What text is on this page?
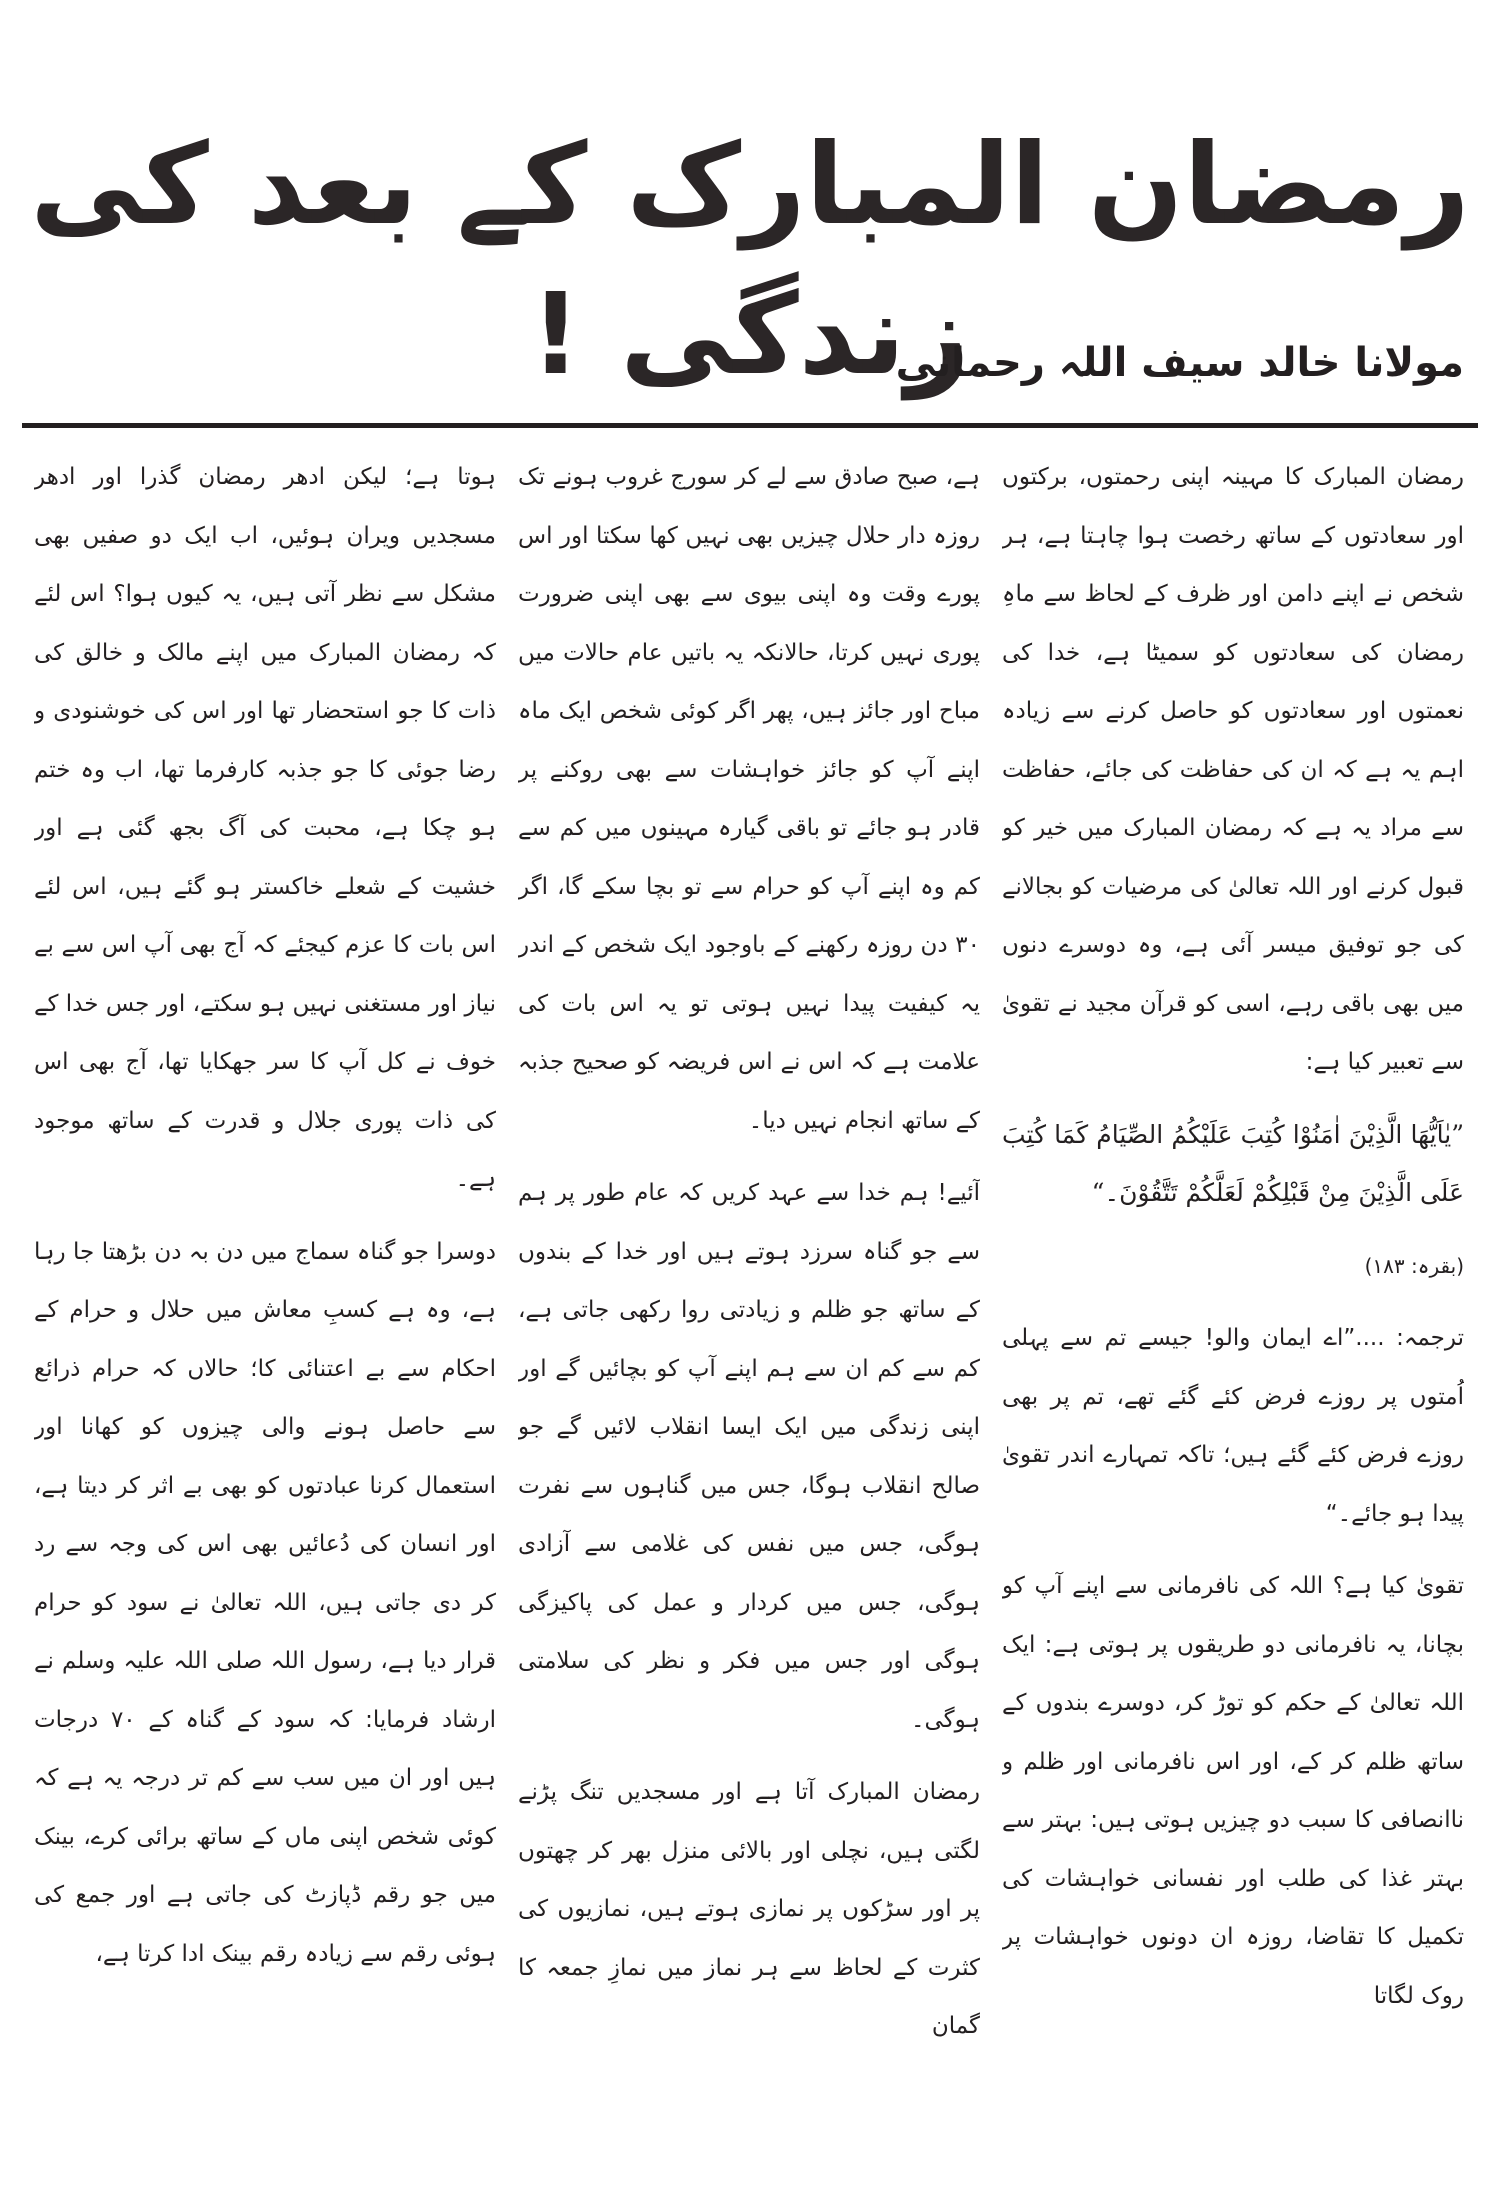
رمضان المبارک کے بعد کی زندگی !
مولانا خالد سیف اللہ رحمانی

رمضان المبارک کا مہینہ اپنی رحمتوں، برکتوں اور سعادتوں کے ساتھ رخصت ہوا چاہتا ہے، ہر شخص نے اپنے دامن اور ظرف کے لحاظ سے ماہِ رمضان کی سعادتوں کو سمیٹا ہے، خدا کی نعمتوں اور سعادتوں کو حاصل کرنے سے زیادہ اہم یہ ہے کہ ان کی حفاظت کی جائے، حفاظت سے مراد یہ ہے کہ رمضان المبارک میں خیر کو قبول کرنے اور اللہ تعالیٰ کی مرضیات کو بجالانے کی جو توفیق میسر آئی ہے، وہ دوسرے دنوں میں بھی باقی رہے، اسی کو قرآن مجید نے تقویٰ سے تعبیر کیا ہے:

”یٰاَیُّھَا الَّذِیْنَ اٰمَنُوْا کُتِبَ عَلَیْکُمُ الصِّیَامُ کَمَا کُتِبَ عَلَی الَّذِیْنَ مِنْ قَبْلِکُمْ لَعَلَّکُمْ تَتَّقُوْنَ۔“

(بقرہ: ۱۸۳)

ترجمہ: ....”اے ایمان والو! جیسے تم سے پہلی اُمتوں پر روزے فرض کئے گئے تھے، تم پر بھی روزے فرض کئے گئے ہیں؛ تاکہ تمہارے اندر تقویٰ پیدا ہو جائے۔“

تقویٰ کیا ہے؟ اللہ کی نافرمانی سے اپنے آپ کو بچانا، یہ نافرمانی دو طریقوں پر ہوتی ہے: ایک اللہ تعالیٰ کے حکم کو توڑ کر، دوسرے بندوں کے ساتھ ظلم کر کے، اور اس نافرمانی اور ظلم و ناانصافی کا سبب دو چیزیں ہوتی ہیں: بہتر سے بہتر غذا کی طلب اور نفسانی خواہشات کی تکمیل کا تقاضا، روزہ ان دونوں خواہشات پر روک لگاتا

ہے، صبح صادق سے لے کر سورج غروب ہونے تک روزہ دار حلال چیزیں بھی نہیں کھا سکتا اور اس پورے وقت وہ اپنی بیوی سے بھی اپنی ضرورت پوری نہیں کرتا، حالانکہ یہ باتیں عام حالات میں مباح اور جائز ہیں، پھر اگر کوئی شخص ایک ماہ اپنے آپ کو جائز خواہشات سے بھی روکنے پر قادر ہو جائے تو باقی گیارہ مہینوں میں کم سے کم وہ اپنے آپ کو حرام سے تو بچا سکے گا، اگر ۳۰ دن روزہ رکھنے کے باوجود ایک شخص کے اندر یہ کیفیت پیدا نہیں ہوتی تو یہ اس بات کی علامت ہے کہ اس نے اس فریضہ کو صحیح جذبہ کے ساتھ انجام نہیں دیا۔

آئیے! ہم خدا سے عہد کریں کہ عام طور پر ہم سے جو گناہ سرزد ہوتے ہیں اور خدا کے بندوں کے ساتھ جو ظلم و زیادتی روا رکھی جاتی ہے، کم سے کم ان سے ہم اپنے آپ کو بچائیں گے اور اپنی زندگی میں ایک ایسا انقلاب لائیں گے جو صالح انقلاب ہوگا، جس میں گناہوں سے نفرت ہوگی، جس میں نفس کی غلامی سے آزادی ہوگی، جس میں کردار و عمل کی پاکیزگی ہوگی اور جس میں فکر و نظر کی سلامتی ہوگی۔

رمضان المبارک آتا ہے اور مسجدیں تنگ پڑنے لگتی ہیں، نچلی اور بالائی منزل بھر کر چھتوں پر اور سڑکوں پر نمازی ہوتے ہیں، نمازیوں کی کثرت کے لحاظ سے ہر نماز میں نمازِ جمعہ کا گمان

ہوتا ہے؛ لیکن ادھر رمضان گذرا اور ادھر مسجدیں ویران ہوئیں، اب ایک دو صفیں بھی مشکل سے نظر آتی ہیں، یہ کیوں ہوا؟ اس لئے کہ رمضان المبارک میں اپنے مالک و خالق کی ذات کا جو استحضار تھا اور اس کی خوشنودی و رضا جوئی کا جو جذبہ کارفرما تھا، اب وہ ختم ہو چکا ہے، محبت کی آگ بجھ گئی ہے اور خشیت کے شعلے خاکستر ہو گئے ہیں، اس لئے اس بات کا عزم کیجئے کہ آج بھی آپ اس سے بے نیاز اور مستغنی نہیں ہو سکتے، اور جس خدا کے خوف نے کل آپ کا سر جھکایا تھا، آج بھی اس کی ذات پوری جلال و قدرت کے ساتھ موجود ہے۔

دوسرا جو گناہ سماج میں دن بہ دن بڑھتا جا رہا ہے، وہ ہے کسبِ معاش میں حلال و حرام کے احکام سے بے اعتنائی کا؛ حالاں کہ حرام ذرائع سے حاصل ہونے والی چیزوں کو کھانا اور استعمال کرنا عبادتوں کو بھی بے اثر کر دیتا ہے، اور انسان کی دُعائیں بھی اس کی وجہ سے رد کر دی جاتی ہیں، اللہ تعالیٰ نے سود کو حرام قرار دیا ہے، رسول اللہ صلی اللہ علیہ وسلم نے ارشاد فرمایا: کہ سود کے گناہ کے ۷۰ درجات ہیں اور ان میں سب سے کم تر درجہ یہ ہے کہ کوئی شخص اپنی ماں کے ساتھ برائی کرے، بینک میں جو رقم ڈپازٹ کی جاتی ہے اور جمع کی ہوئی رقم سے زیادہ رقم بینک ادا کرتا ہے،
